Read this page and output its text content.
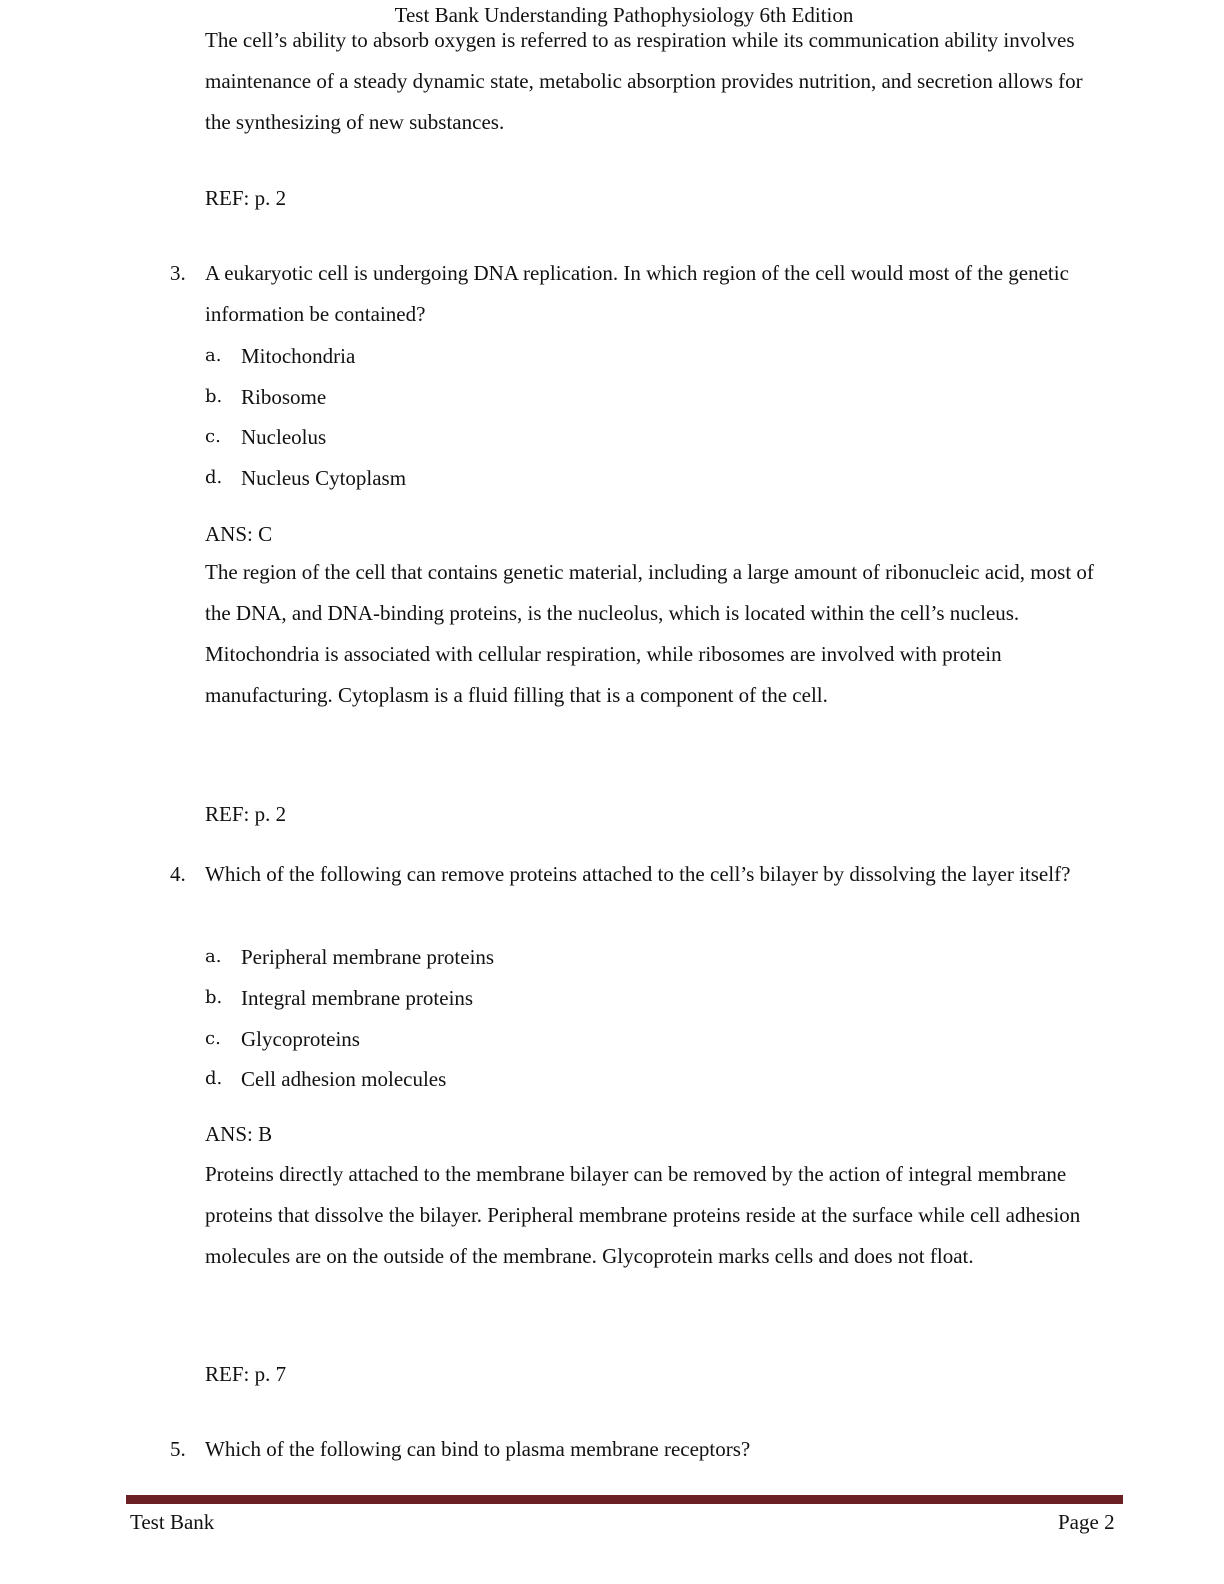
Test Bank Understanding Pathophysiology 6th Edition

The cell’s ability to absorb oxygen is referred to as respiration while its communication ability involves maintenance of a steady dynamic state, metabolic absorption provides nutrition, and secretion allows for the synthesizing of new substances.

REF: p. 2

3. A eukaryotic cell is undergoing DNA replication. In which region of the cell would most of the genetic information be contained?

a. Mitochondria
b. Ribosome
c. Nucleolus
d. Nucleus Cytoplasm

ANS: C

The region of the cell that contains genetic material, including a large amount of ribonucleic acid, most of the DNA, and DNA-binding proteins, is the nucleolus, which is located within the cell’s nucleus. Mitochondria is associated with cellular respiration, while ribosomes are involved with protein manufacturing. Cytoplasm is a fluid filling that is a component of the cell.

REF: p. 2

4. Which of the following can remove proteins attached to the cell’s bilayer by dissolving the layer itself?

a. Peripheral membrane proteins
b. Integral membrane proteins
c. Glycoproteins
d. Cell adhesion molecules

ANS: B

Proteins directly attached to the membrane bilayer can be removed by the action of integral membrane proteins that dissolve the bilayer. Peripheral membrane proteins reside at the surface while cell adhesion molecules are on the outside of the membrane. Glycoprotein marks cells and does not float.

REF: p. 7

5. Which of the following can bind to plasma membrane receptors?

Test Bank	Page 2
